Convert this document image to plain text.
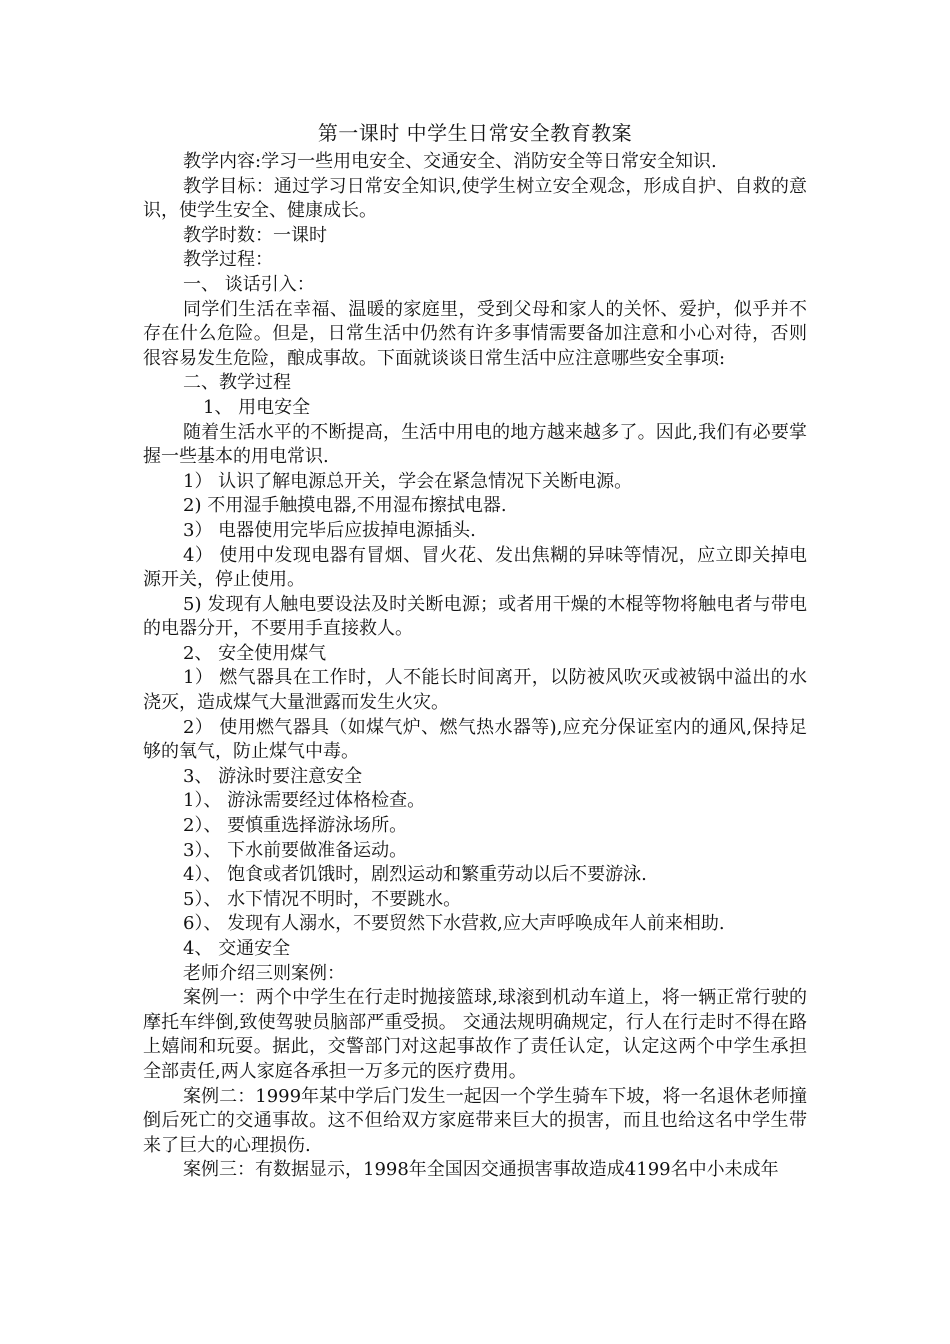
第一课时 中学生日常安全教育教案
教学内容:学习一些用电安全、交通安全、消防安全等日常安全知识.
教学目标：通过学习日常安全知识,使学生树立安全观念，形成自护、自救的意识，使学生安全、健康成长。
教学时数：一课时
教学过程：
一、 谈话引入：
同学们生活在幸福、温暖的家庭里，受到父母和家人的关怀、爱护，似乎并不存在什么危险。但是，日常生活中仍然有许多事情需要备加注意和小心对待，否则很容易发生危险，酿成事故。下面就谈谈日常生活中应注意哪些安全事项:
二、教学过程
1、 用电安全
随着生活水平的不断提高，生活中用电的地方越来越多了。因此,我们有必要掌握一些基本的用电常识.
1） 认识了解电源总开关，学会在紧急情况下关断电源。
2) 不用湿手触摸电器,不用湿布擦拭电器.
3） 电器使用完毕后应拔掉电源插头.
4） 使用中发现电器有冒烟、冒火花、发出焦糊的异味等情况，应立即关掉电源开关，停止使用。
5) 发现有人触电要设法及时关断电源；或者用干燥的木棍等物将触电者与带电的电器分开，不要用手直接救人。
2、 安全使用煤气
1） 燃气器具在工作时，人不能长时间离开，以防被风吹灭或被锅中溢出的水浇灭，造成煤气大量泄露而发生火灾。
2） 使用燃气器具（如煤气炉、燃气热水器等),应充分保证室内的通风,保持足够的氧气，防止煤气中毒。
3、 游泳时要注意安全
1）、 游泳需要经过体格检查。
2）、 要慎重选择游泳场所。
3）、 下水前要做准备运动。
4）、 饱食或者饥饿时，剧烈运动和繁重劳动以后不要游泳.
5）、 水下情况不明时，不要跳水。
6）、 发现有人溺水，不要贸然下水营救,应大声呼唤成年人前来相助.
4、 交通安全
老师介绍三则案例：
案例一：两个中学生在行走时抛接篮球,球滚到机动车道上，将一辆正常行驶的摩托车绊倒,致使驾驶员脑部严重受损。 交通法规明确规定，行人在行走时不得在路上嬉闹和玩耍。据此，交警部门对这起事故作了责任认定，认定这两个中学生承担全部责任,两人家庭各承担一万多元的医疗费用。
案例二：1999年某中学后门发生一起因一个学生骑车下坡，将一名退休老师撞倒后死亡的交通事故。这不但给双方家庭带来巨大的损害，而且也给这名中学生带来了巨大的心理损伤.
案例三：有数据显示，1998年全国因交通损害事故造成4199名中小未成年
